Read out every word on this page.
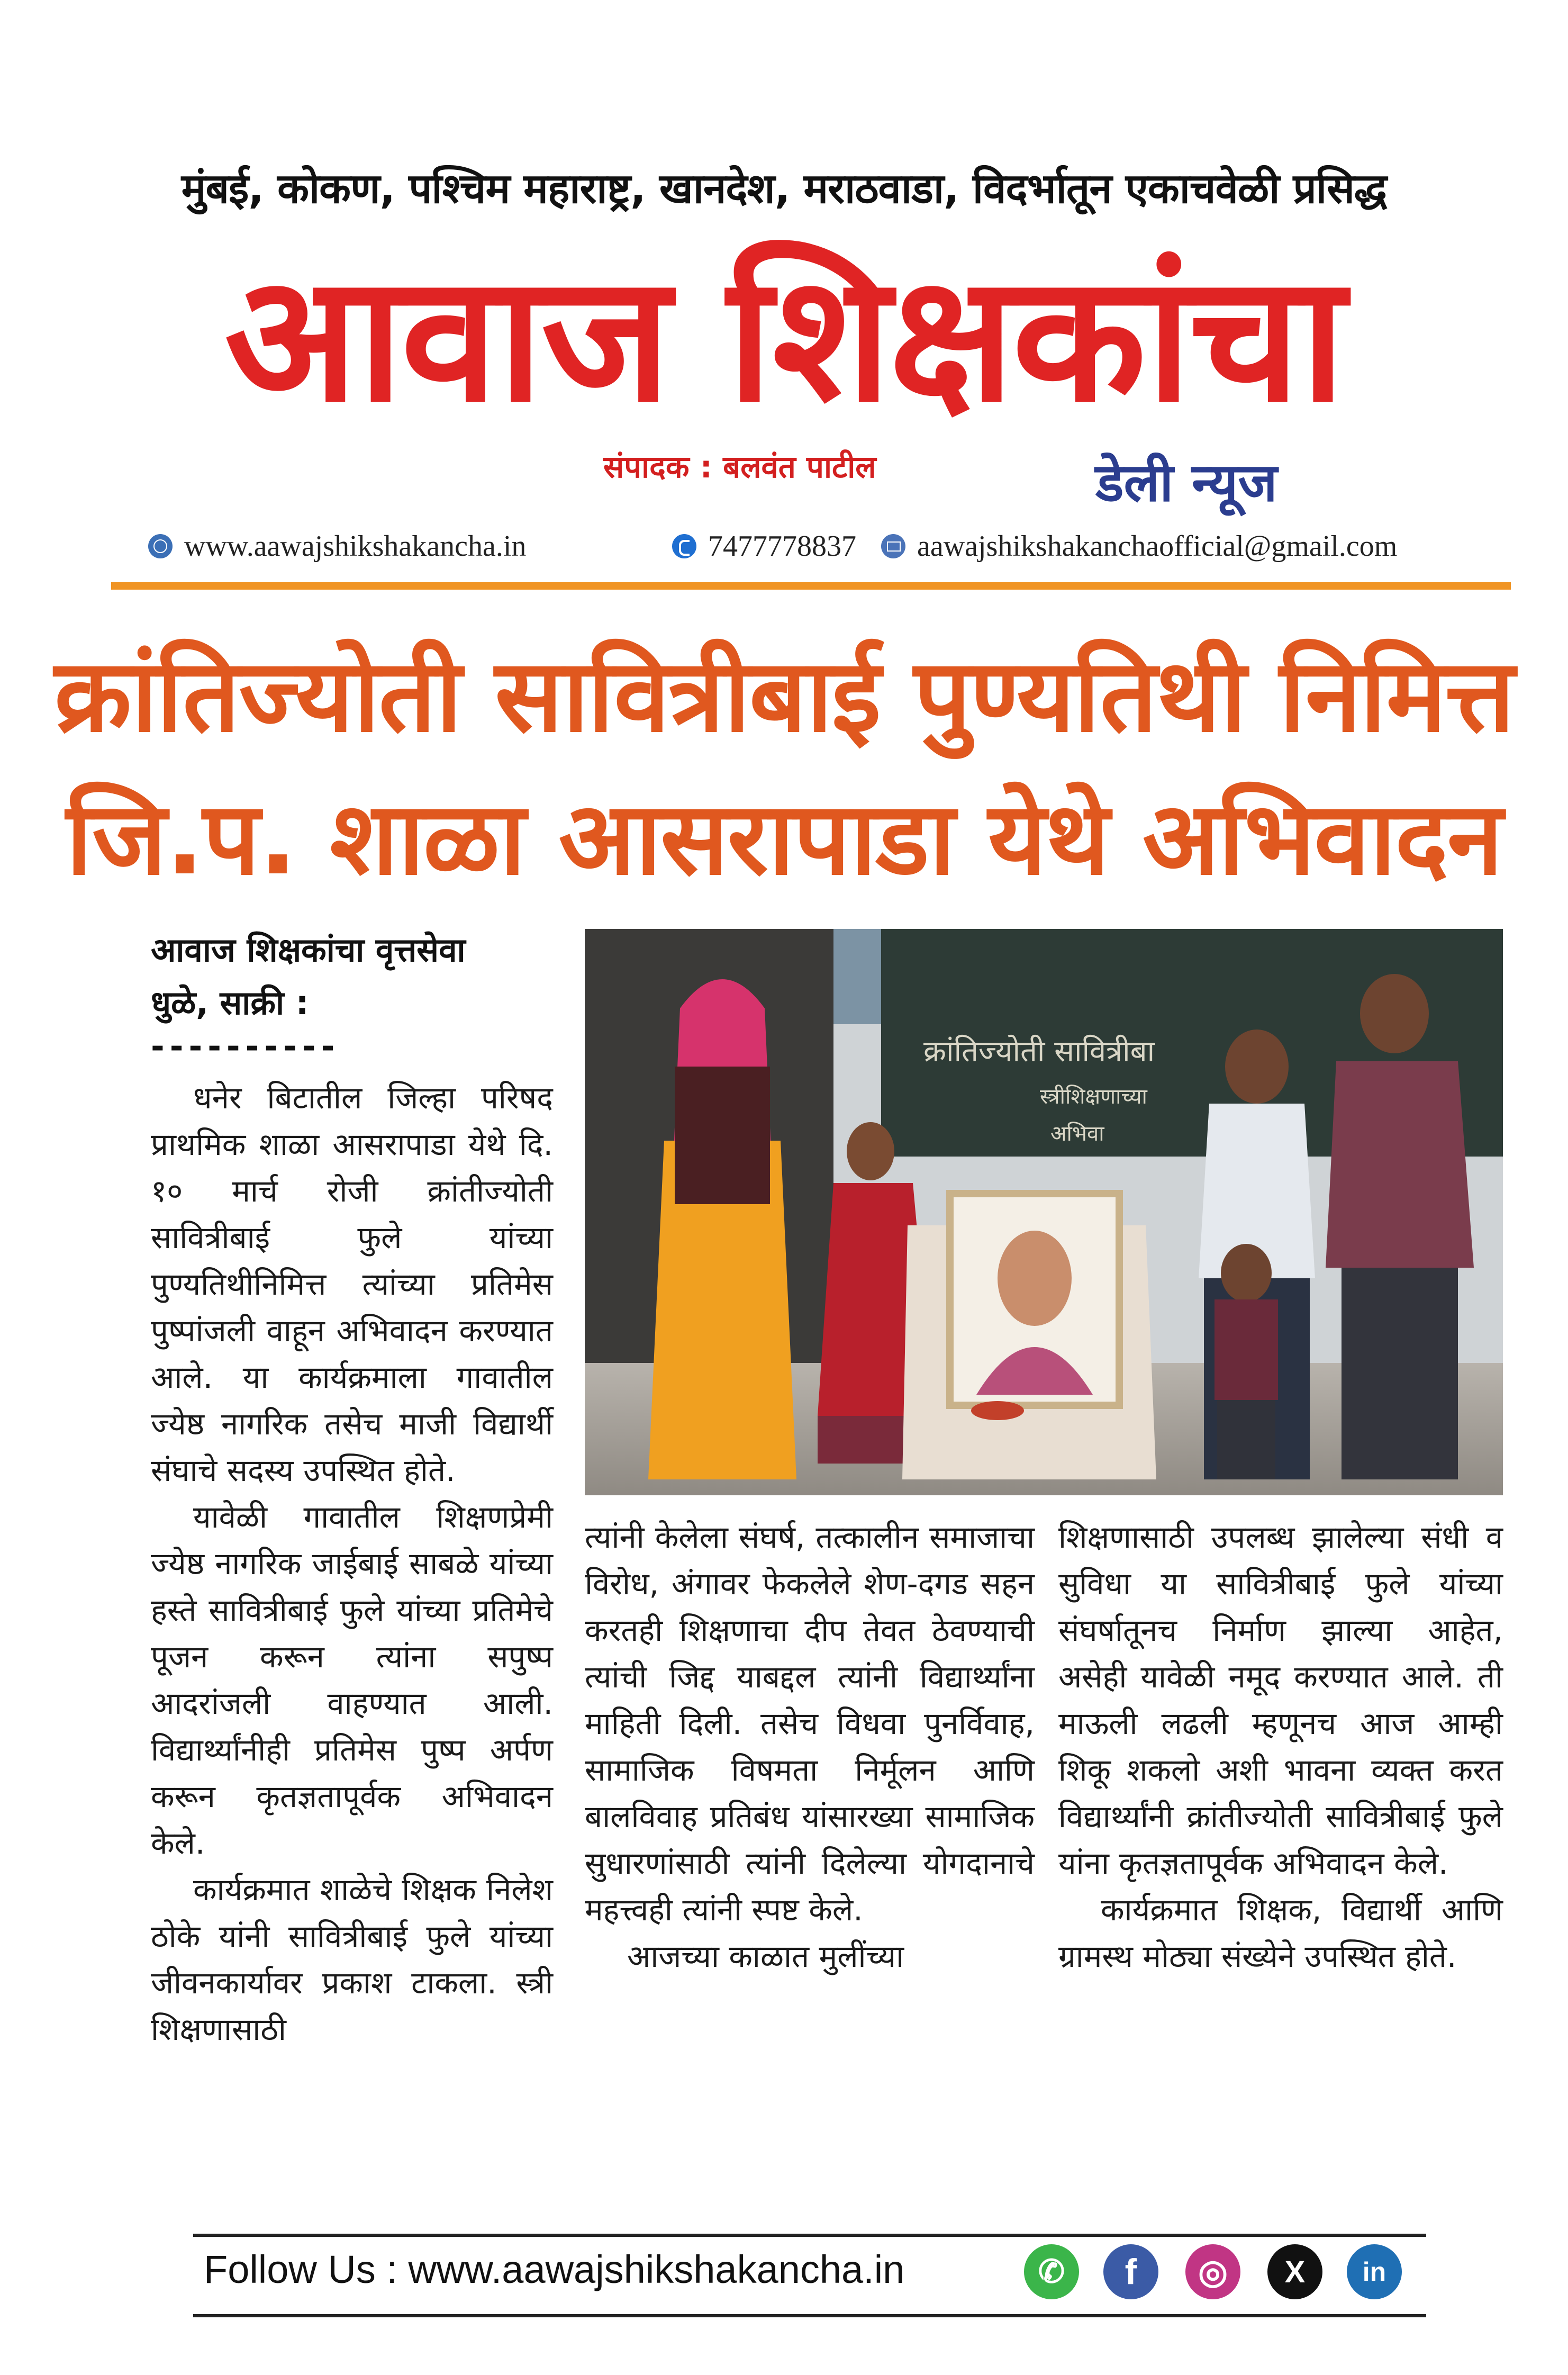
मुंबई, कोकण, पश्चिम महाराष्ट्र, खानदेश, मराठवाडा, विदर्भातून एकाचवेळी प्रसिद्ध
आवाज शिक्षकांचा
संपादक : बलवंत पाटील	डेली न्यूज
www.aawajshikshakancha.in	7477778837 aawajshikshakanchaofficial@gmail.com
क्रांतिज्योती सावित्रीबाई पुण्यतिथी निमित्त
जि.प. शाळा आसरापाडा येथे अभिवादन
आवाज शिक्षकांचा वृत्तसेवा
धुळे, साक्री :
----------

धनेर बिटातील जिल्हा परिषद प्राथमिक शाळा आसरापाडा येथे दि. १० मार्च रोजी क्रांतीज्योती सावित्रीबाई फुले यांच्या पुण्यतिथीनिमित्त त्यांच्या प्रतिमेस पुष्पांजली वाहून अभिवादन करण्यात आले. या कार्यक्रमाला गावातील ज्येष्ठ नागरिक तसेच माजी विद्यार्थी संघाचे सदस्य उपस्थित होते.

यावेळी गावातील शिक्षणप्रेमी ज्येष्ठ नागरिक जाईबाई साबळे यांच्या हस्ते सावित्रीबाई फुले यांच्या प्रतिमेचे पूजन करून त्यांना सपुष्प आदरांजली वाहण्यात आली. विद्यार्थ्यांनीही प्रतिमेस पुष्प अर्पण करून कृतज्ञतापूर्वक अभिवादन केले.

कार्यक्रमात शाळेचे शिक्षक निलेश ठोके यांनी सावित्रीबाई फुले यांच्या जीवनकार्यावर प्रकाश टाकला. स्त्री शिक्षणासाठी

क्रांतिज्योती सावित्रीबा
स्त्रीशिक्षणाच्या
अभिवा

त्यांनी केलेला संघर्ष, तत्कालीन समाजाचा विरोध, अंगावर फेकलेले शेण-दगड सहन करतही शिक्षणाचा दीप तेवत ठेवण्याची त्यांची जिद्द याबद्दल त्यांनी विद्यार्थ्यांना माहिती दिली. तसेच विधवा पुनर्विवाह, सामाजिक विषमता निर्मूलन आणि बालविवाह प्रतिबंध यांसारख्या सामाजिक सुधारणांसाठी त्यांनी दिलेल्या योगदानाचे महत्त्वही त्यांनी स्पष्ट केले.

आजच्या काळात मुलींच्या

शिक्षणासाठी उपलब्ध झालेल्या संधी व सुविधा या सावित्रीबाई फुले यांच्या संघर्षातूनच निर्माण झाल्या आहेत, असेही यावेळी नमूद करण्यात आले. ती माऊली लढली म्हणूनच आज आम्ही शिकू शकलो अशी भावना व्यक्त करत विद्यार्थ्यांनी क्रांतीज्योती सावित्रीबाई फुले यांना कृतज्ञतापूर्वक अभिवादन केले.

कार्यक्रमात शिक्षक, विद्यार्थी आणि ग्रामस्थ मोठ्या संख्येने उपस्थित होते.

Follow Us : www.aawajshikshakancha.in	✆	f	◎	X	in
